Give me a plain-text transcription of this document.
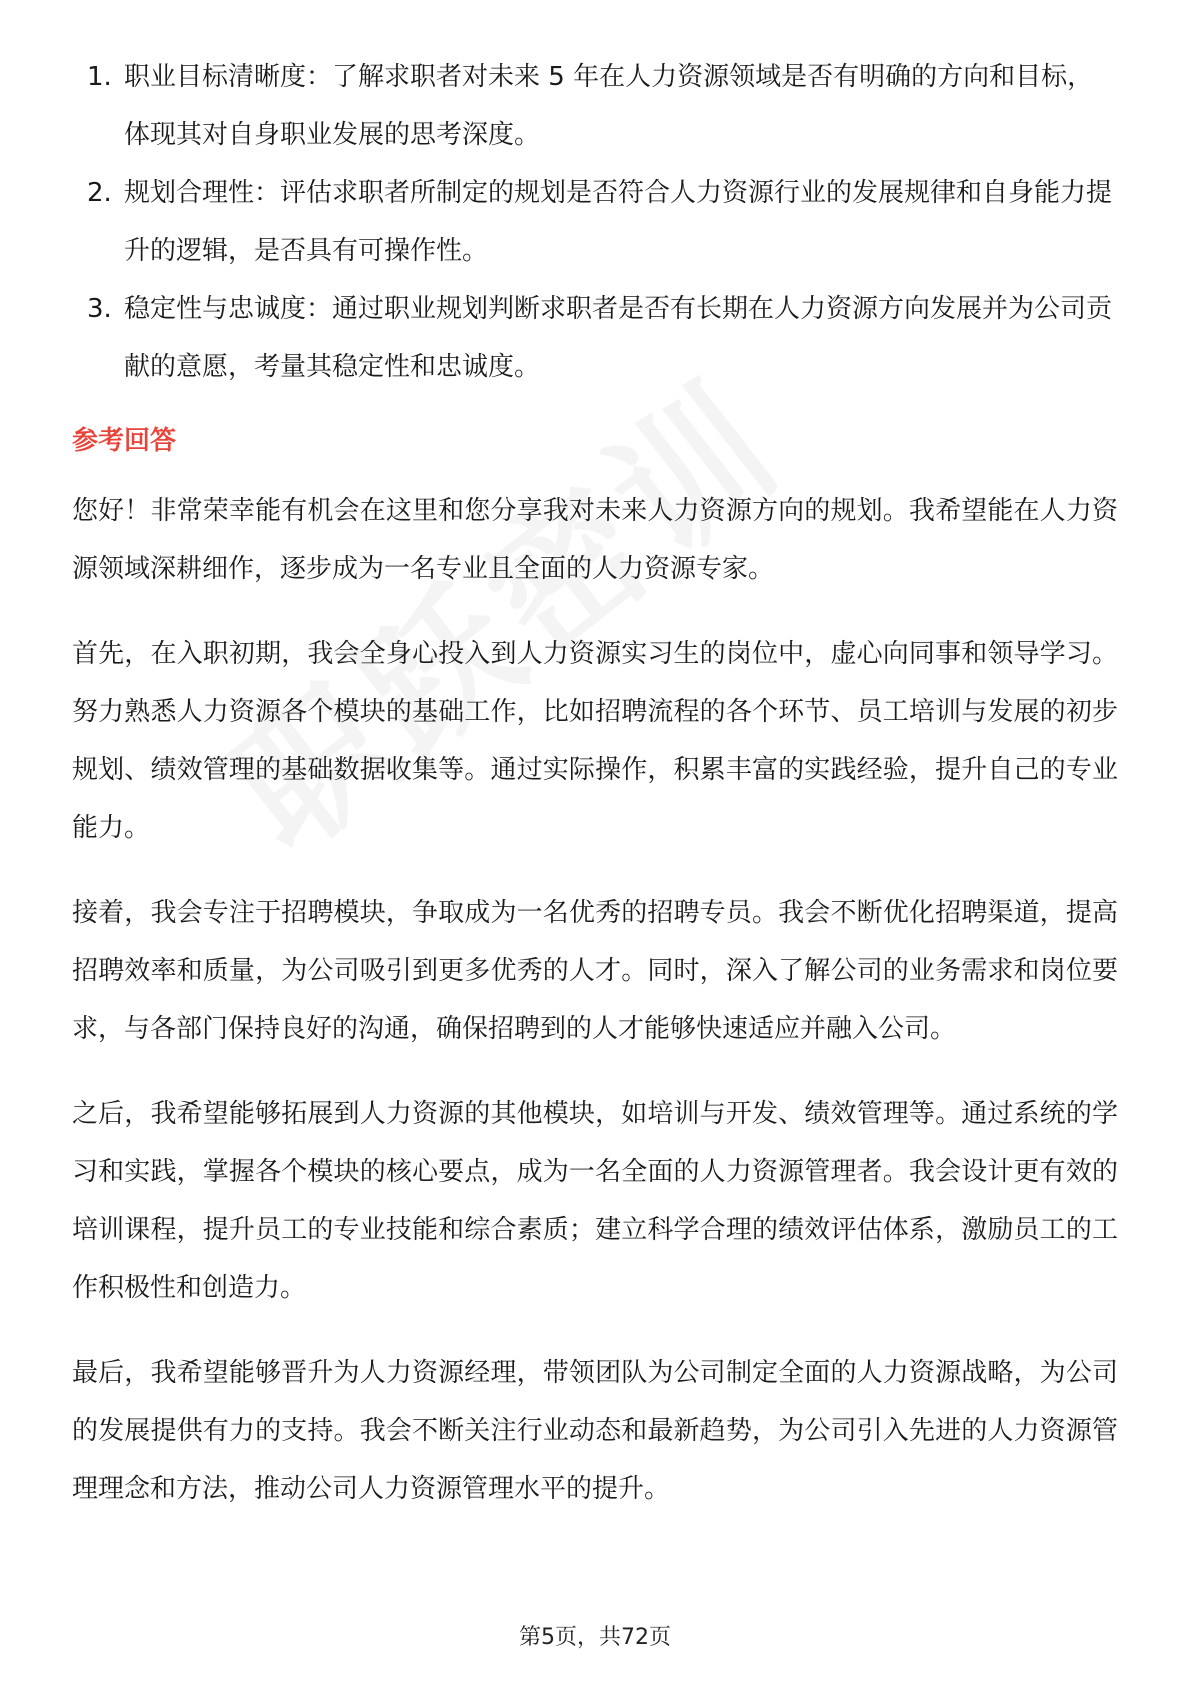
1. 职业目标清晰度：了解求职者对未来 5 年在人力资源领域是否有明确的方向和目标，体现其对自身职业发展的思考深度。
2. 规划合理性：评估求职者所制定的规划是否符合人力资源行业的发展规律和自身能力提升的逻辑，是否具有可操作性。
3. 稳定性与忠诚度：通过职业规划判断求职者是否有长期在人力资源方向发展并为公司贡献的意愿，考量其稳定性和忠诚度。
参考回答

您好！非常荣幸能有机会在这里和您分享我对未来人力资源方向的规划。我希望能在人力资源领域深耕细作，逐步成为一名专业且全面的人力资源专家。

首先，在入职初期，我会全身心投入到人力资源实习生的岗位中，虚心向同事和领导学习。努力熟悉人力资源各个模块的基础工作，比如招聘流程的各个环节、员工培训与发展的初步规划、绩效管理的基础数据收集等。通过实际操作，积累丰富的实践经验，提升自己的专业能力。

接着，我会专注于招聘模块，争取成为一名优秀的招聘专员。我会不断优化招聘渠道，提高招聘效率和质量，为公司吸引到更多优秀的人才。同时，深入了解公司的业务需求和岗位要求，与各部门保持良好的沟通，确保招聘到的人才能够快速适应并融入公司。

之后，我希望能够拓展到人力资源的其他模块，如培训与开发、绩效管理等。通过系统的学习和实践，掌握各个模块的核心要点，成为一名全面的人力资源管理者。我会设计更有效的培训课程，提升员工的专业技能和综合素质；建立科学合理的绩效评估体系，激励员工的工作积极性和创造力。

最后，我希望能够晋升为人力资源经理，带领团队为公司制定全面的人力资源战略，为公司的发展提供有力的支持。我会不断关注行业动态和最新趋势，为公司引入先进的人力资源管理理念和方法，推动公司人力资源管理水平的提升。

第5页，共72页
